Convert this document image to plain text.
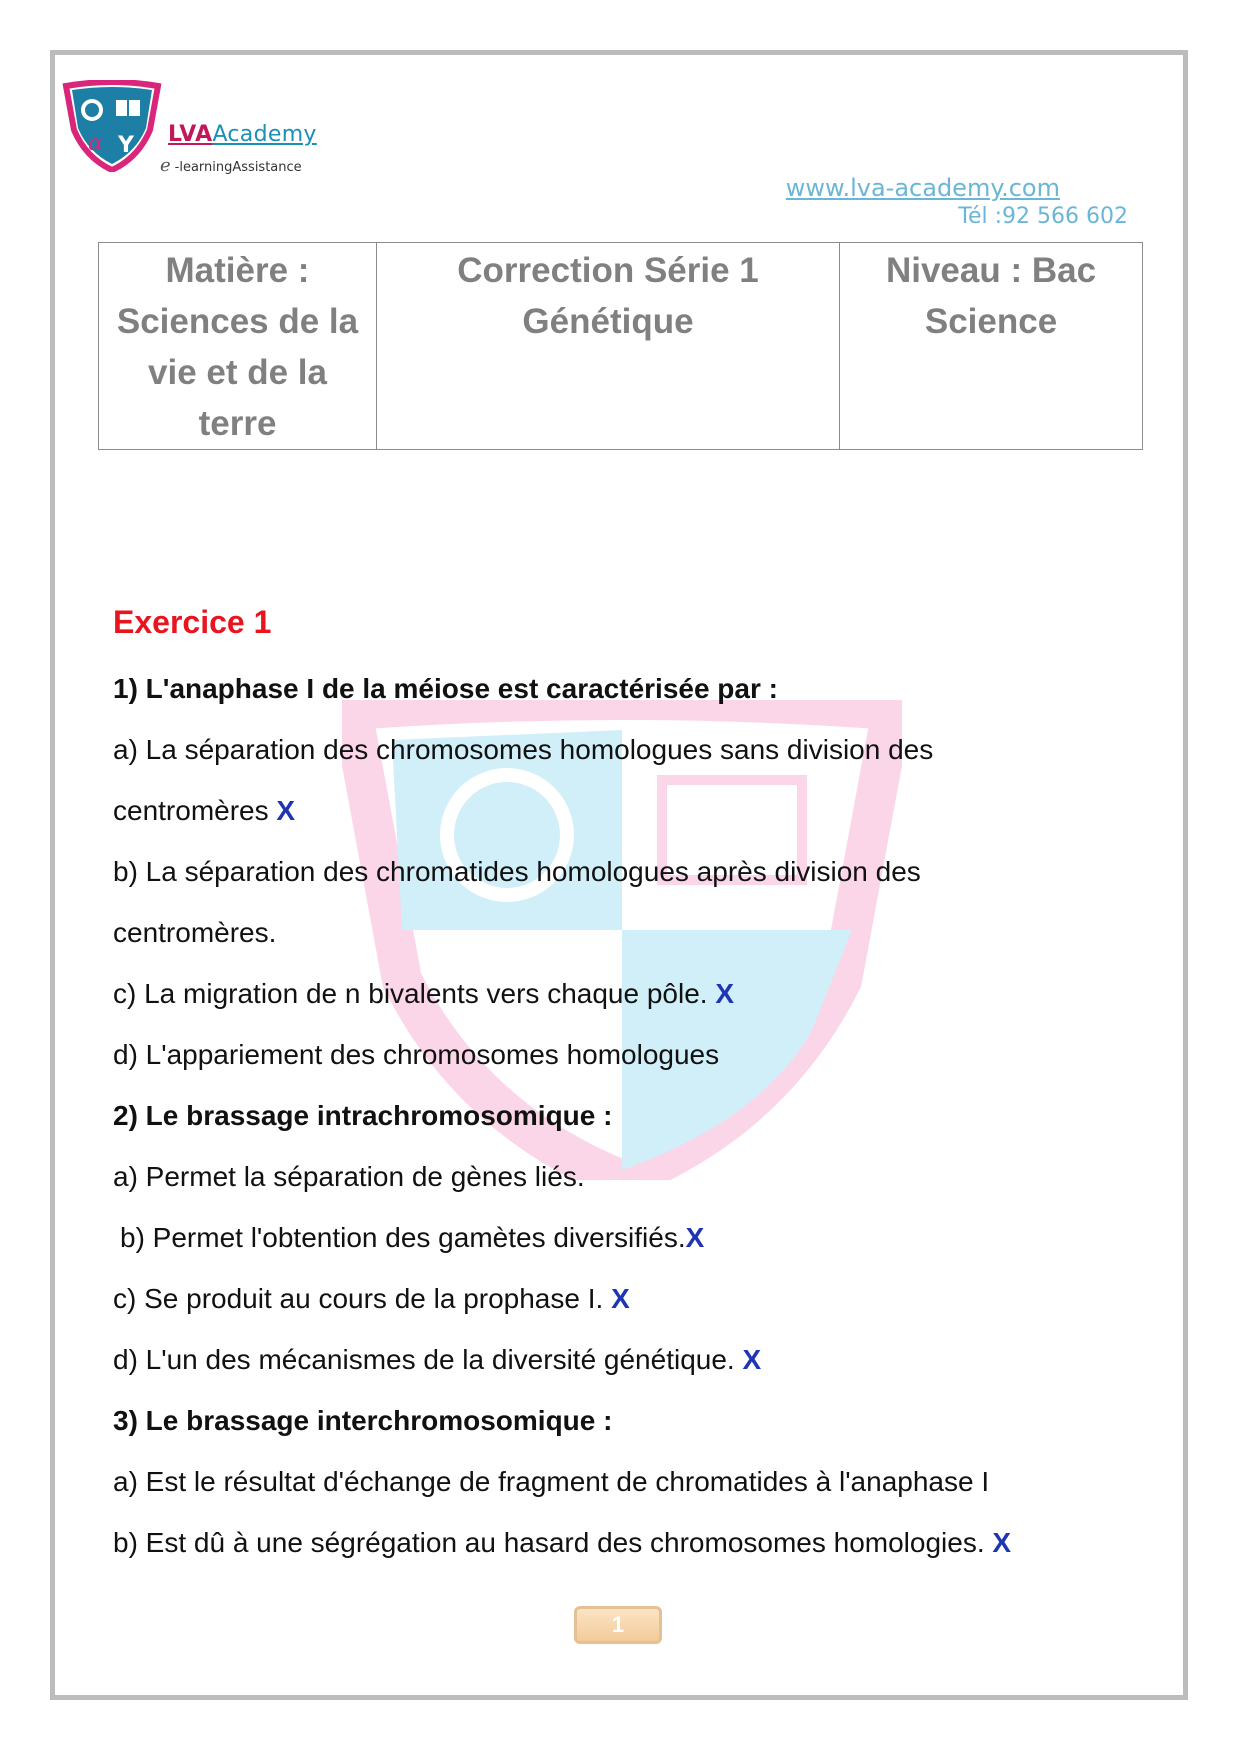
α Y LVAAcademy
e -learningAssistance
www.lva-academy.com
Tél :92 566 602
Matière : Sciences de la vie et de la terre	Correction Série 1 Génétique	Niveau : Bac Science
Exercice 1
1) L'anaphase I de la méiose est caractérisée par :
a) La séparation des chromosomes homologues sans division des
centromères X
b) La séparation des chromatides homologues après division des
centromères.
c) La migration de n bivalents vers chaque pôle. X
d) L'appariement des chromosomes homologues
2) Le brassage intrachromosomique :
a) Permet la séparation de gènes liés.
b) Permet l'obtention des gamètes diversifiés.X
c) Se produit au cours de la prophase I. X
d) L'un des mécanismes de la diversité génétique. X
3) Le brassage interchromosomique :
a) Est le résultat d'échange de fragment de chromatides à l'anaphase I
b) Est dû à une ségrégation au hasard des chromosomes homologies. X
1
